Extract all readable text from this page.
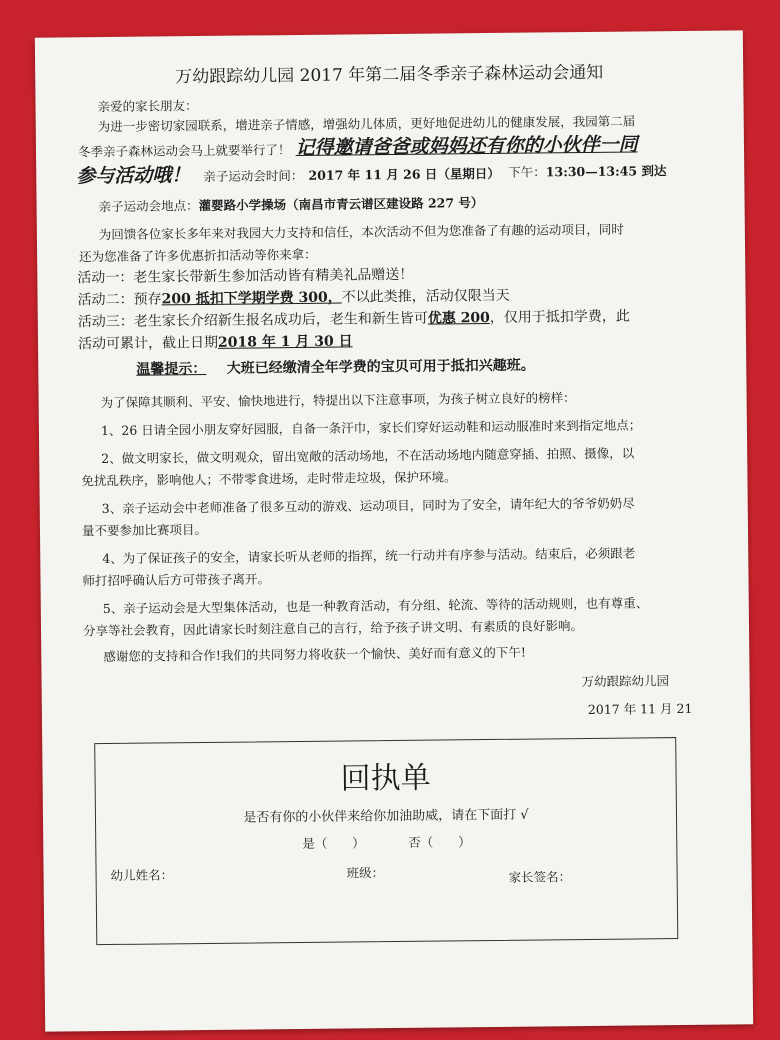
万幼跟踪幼儿园 2017 年第二届冬季亲子森林运动会通知
亲爱的家长朋友：
为进一步密切家园联系，增进亲子情感，增强幼儿体质，更好地促进幼儿的健康发展，我园第二届
冬季亲子森林运动会马上就要举行了！ 记得邀请爸爸或妈妈还有你的小伙伴一同
参与活动哦！ 亲子运动会时间： 2017 年 11 月 26 日（星期日） 下午：13:30—13:45 到达
亲子运动会地点：灌婴路小学操场（南昌市青云谱区建设路 227 号）
为回馈各位家长多年来对我园大力支持和信任，本次活动不但为您准备了有趣的运动项目，同时
还为您准备了许多优惠折扣活动等你来拿：
活动一：老生家长带新生参加活动皆有精美礼品赠送！
活动二：预存200 抵扣下学期学费 300，不以此类推，活动仅限当天
活动三：老生家长介绍新生报名成功后，老生和新生皆可优惠 200，仅用于抵扣学费，此
活动可累计，截止日期2018 年 1 月 30 日
温馨提示： 大班已经缴清全年学费的宝贝可用于抵扣兴趣班。
为了保障其顺利、平安、愉快地进行，特提出以下注意事项，为孩子树立良好的榜样：
1、26 日请全园小朋友穿好园服，自备一条汗巾，家长们穿好运动鞋和运动服准时来到指定地点；
2、做文明家长，做文明观众，留出宽敞的活动场地，不在活动场地内随意穿插、拍照、摄像，以
免扰乱秩序，影响他人；不带零食进场，走时带走垃圾，保护环境。
3、亲子运动会中老师准备了很多互动的游戏、运动项目，同时为了安全，请年纪大的爷爷奶奶尽
量不要参加比赛项目。
4、为了保证孩子的安全，请家长听从老师的指挥，统一行动并有序参与活动。结束后，必须跟老
师打招呼确认后方可带孩子离开。
5、亲子运动会是大型集体活动，也是一种教育活动，有分组、轮流、等待的活动规则，也有尊重、
分享等社会教育，因此请家长时刻注意自己的言行，给予孩子讲文明、有素质的良好影响。
感谢您的支持和合作!我们的共同努力将收获一个愉快、美好而有意义的下午!
万幼跟踪幼儿园
2017 年 11 月 21
回执单
是否有你的小伙伴来给你加油助威，请在下面打 √
是（　　）	否（　　）
幼儿姓名：	班级：	家长签名：
